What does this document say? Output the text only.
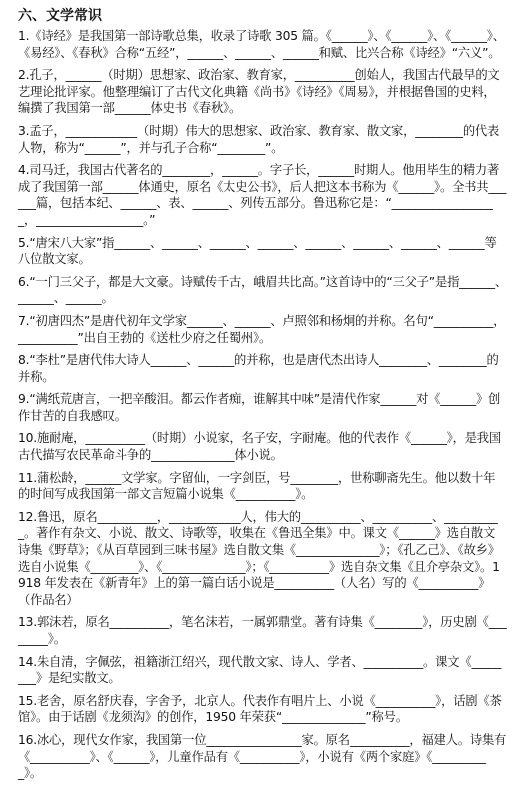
六、文学常识

1.《诗经》是我国第一部诗歌总集，收录了诗歌 305 篇。《______》、《______》、《______》、《易经》、《春秋》合称“五经”，______、______、______和赋、比兴合称《诗经》“六义”。

2.孔子，______（时期）思想家、政治家、教育家，__________创始人，我国古代最早的文艺理论批评家。他整理编订了古代文化典籍《尚书》《诗经》《周易》，并根据鲁国的史料，编撰了我国第一部______体史书《春秋》。

3.孟子，____________（时期）伟大的思想家、政治家、教育家、散文家，________的代表人物，称为“______”，并与孔子合称“________”。

4.司马迁，我国古代著名的________，______。字子长，______时期人。他用毕生的精力著成了我国第一部______体通史，原名《太史公书》，后人把这本书称为《______》。全书共______篇，包括本纪、______、表、______、列传五部分。鲁迅称它是：“__________________，__________________。”

5.“唐宋八大家”指______、______、______、______、______、______、______、______等八位散文家。

6.“一门三父子，都是大文豪。诗赋传千古，峨眉共比高。”这首诗中的“三父子”是指______、______、______。

7.“初唐四杰”是唐代初年文学家______、______、卢照邻和杨炯的并称。名句“__________，__________”出自王勃的《送杜少府之任蜀州》。

8.“李杜”是唐代伟大诗人______、______的并称，也是唐代杰出诗人________、________的并称。

9.“满纸荒唐言，一把辛酸泪。都云作者痴，谁解其中味”是清代作家______对《______》创作甘苦的自我感叹。

10.施耐庵，__________（时期）小说家，名子安，字耐庵。他的代表作《______》，是我国古代描写农民革命斗争的______________体小说。

11.蒲松龄，______文学家。字留仙，一字剑臣，号________，世称聊斋先生。他以数十年的时间写成我国第一部文言短篇小说集《__________》。

12.鲁迅，原名__________，____________人，伟大的__________、__________、__________。著作有杂文、小说、散文、诗歌等，收集在《鲁迅全集》中。课文《______》选自散文诗集《野草》；《从百草园到三味书屋》选自散文集《______________》；《孔乙己》、《故乡》选自小说集《________》、《______________》；《__________》选自杂文集《且介亭杂文》。1918 年发表在《新青年》上的第一篇白话小说是__________（人名）写的《__________》（作品名）

13.郭沫若，原名__________，笔名沫若，一属郭鼎堂。著有诗集《________》，历史剧《________》。

14.朱自清，字佩弦，祖籍浙江绍兴，现代散文家、诗人、学者、__________。课文《________》是纪实散文。

15.老舍，原名舒庆春，字舍予，北京人。代表作有唱片上、小说《__________》，话剧《茶馆》。由于话剧《龙须沟》的创作，1950 年荣获“______________”称号。

16.冰心，现代女作家，我国第一位________________家。原名__________，福建人。诗集有《__________》、《______》，儿童作品有《__________》，小说有《两个家庭》《__________》。
